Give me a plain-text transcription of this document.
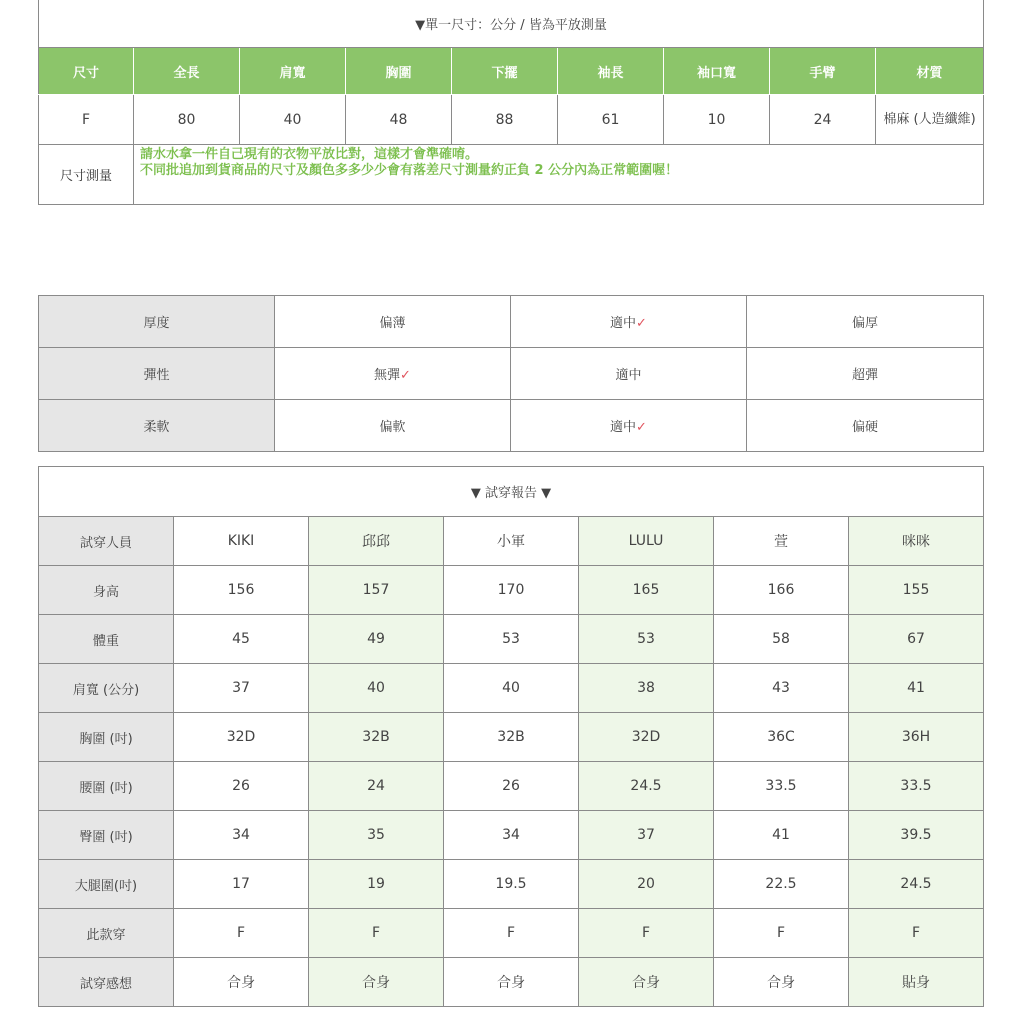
▼單一尺寸：公分 / 皆為平放測量								
尺寸	全長	肩寬	胸圍	下擺	袖長	袖口寬	手臂	材質
F	80	40	48	88	61	10	24	棉麻 (人造纖維)
尺寸測量	請水水拿一件自己現有的衣物平放比對，這樣才會準確唷。
不同批追加到貨商品的尺寸及顏色多多少少會有落差尺寸測量約正負 2 公分內為正常範圍喔！							
厚度	偏薄	適中✓	偏厚
彈性	無彈✓	適中	超彈
柔軟	偏軟	適中✓	偏硬
▼ 試穿報告 ▼						
試穿人員	KIKI	邱邱	小軍	LULU	萱	咪咪
身高	156	157	170	165	166	155
體重	45	49	53	53	58	67
肩寬 (公分)	37	40	40	38	43	41
胸圍 (吋)	32D	32B	32B	32D	36C	36H
腰圍 (吋)	26	24	26	24.5	33.5	33.5
臀圍 (吋)	34	35	34	37	41	39.5
大腿圍(吋)	17	19	19.5	20	22.5	24.5
此款穿	F	F	F	F	F	F
試穿感想	合身	合身	合身	合身	合身	貼身
